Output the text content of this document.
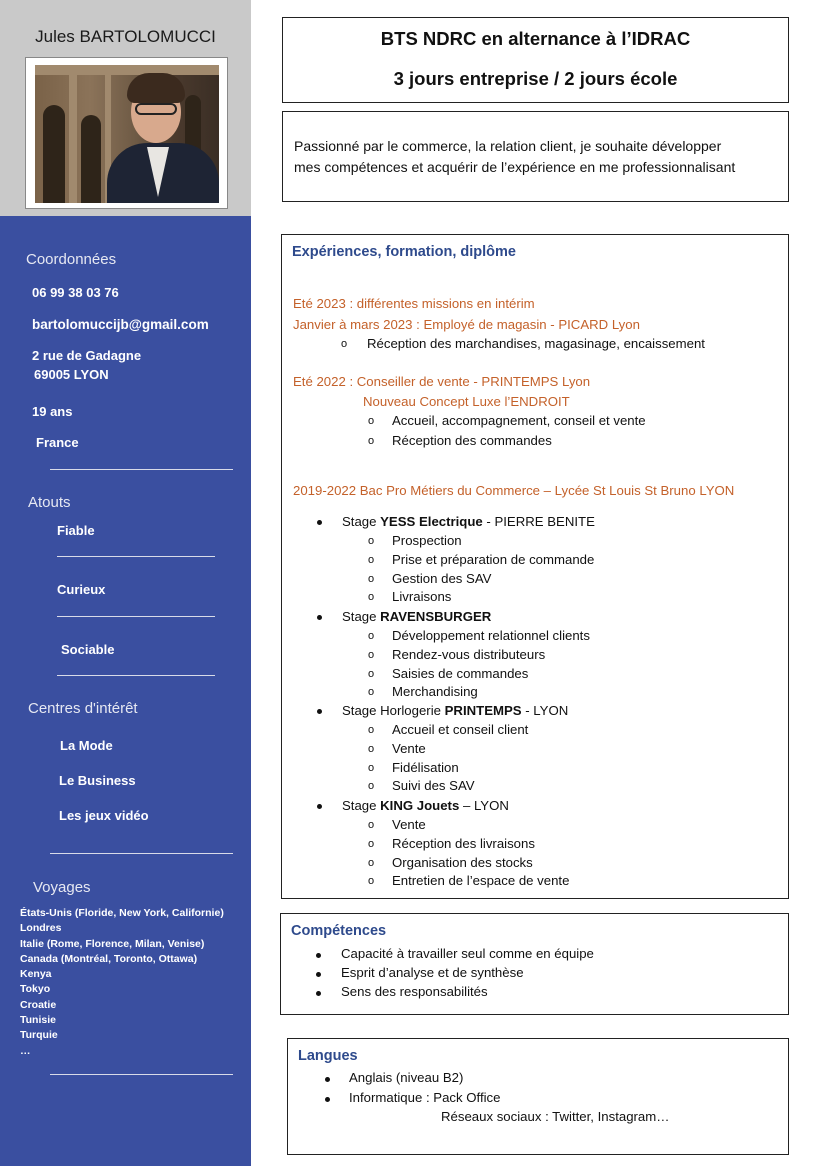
Jules BARTOLOMUCCI
Coordonnées
06 99 38 03 76
bartolomuccijb@gmail.com
2 rue de Gadagne
69005 LYON
19 ans
France
Atouts
Fiable
Curieux
Sociable
Centres d'intérêt
La Mode
Le Business
Les jeux vidéo
Voyages
États-Unis (Floride, New York, Californie)
Londres
Italie (Rome, Florence, Milan, Venise)
Canada (Montréal, Toronto, Ottawa)
Kenya
Tokyo
Croatie
Tunisie
Turquie
…
BTS NDRC en alternance à l’IDRAC
3 jours entreprise / 2 jours école
Passionné par le commerce, la relation client, je souhaite développer
mes compétences et acquérir de l’expérience en me professionnalisant
Expériences, formation, diplôme
Eté 2023 : différentes missions en intérim
Janvier à mars 2023 : Employé de magasin - PICARD Lyon
o Réception des marchandises, magasinage, encaissement
Eté 2022 : Conseiller de vente - PRINTEMPS Lyon
Nouveau Concept Luxe l’ENDROIT
o Accueil, accompagnement, conseil et vente
o Réception des commandes
2019-2022 Bac Pro Métiers du Commerce – Lycée St Louis St Bruno LYON
Stage YESS Electrique - PIERRE BENITE
o Prospection
o Prise et préparation de commande
o Gestion des SAV
o Livraisons
Stage RAVENSBURGER
o Développement relationnel clients
o Rendez-vous distributeurs
o Saisies de commandes
o Merchandising
Stage Horlogerie PRINTEMPS - LYON
o Accueil et conseil client
o Vente
o Fidélisation
o Suivi des SAV
Stage KING Jouets – LYON
o Vente
o Réception des livraisons
o Organisation des stocks
o Entretien de l’espace de vente
Compétences
Capacité à travailler seul comme en équipe
Esprit d’analyse et de synthèse
Sens des responsabilités
Langues
Anglais (niveau B2)
Informatique : Pack Office
Réseaux sociaux : Twitter, Instagram…
